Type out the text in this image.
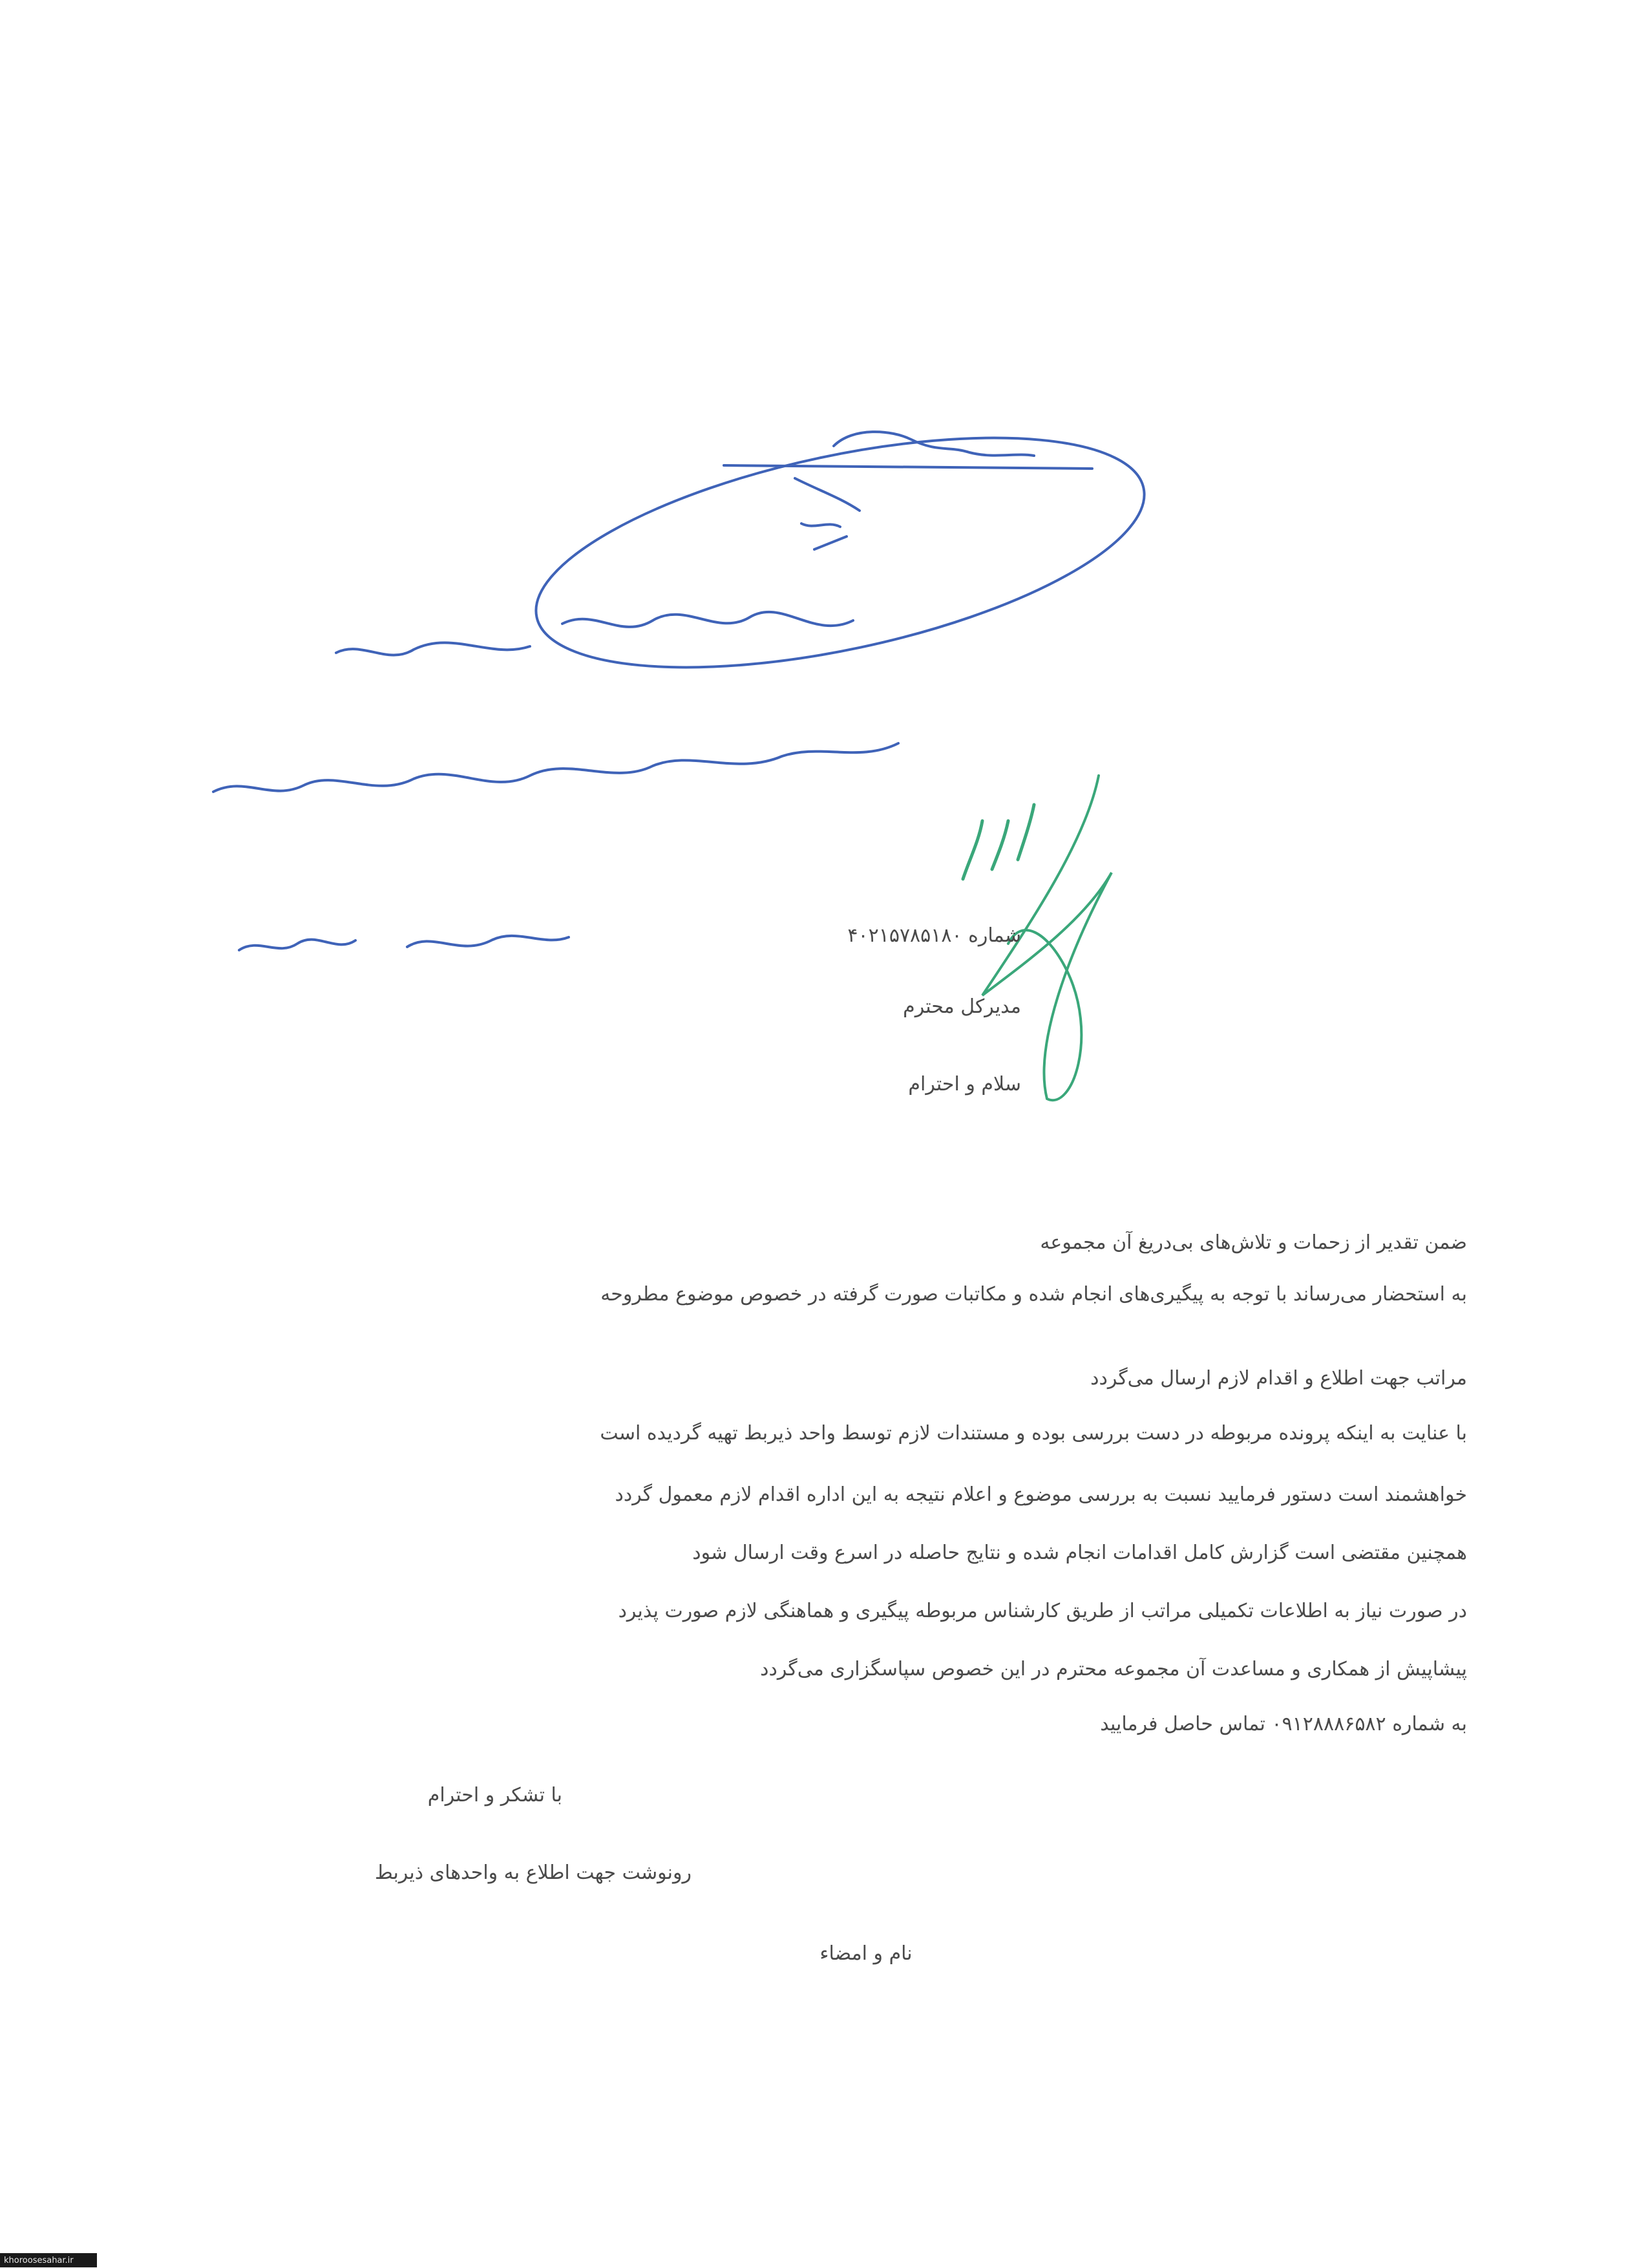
شماره ۴۰۲۱۵۷۸۵۱۸۰
مدیرکل محترم
سلام و احترام
ضمن تقدیر از زحمات و تلاش‌های بی‌دریغ آن مجموعه
به استحضار می‌رساند با توجه به پیگیری‌های انجام شده و مکاتبات صورت گرفته در خصوص موضوع مطروحه
مراتب جهت اطلاع و اقدام لازم ارسال می‌گردد
با عنایت به اینکه پرونده مربوطه در دست بررسی بوده و مستندات لازم توسط واحد ذیربط تهیه گردیده است
خواهشمند است دستور فرمایید نسبت به بررسی موضوع و اعلام نتیجه به این اداره اقدام لازم معمول گردد
همچنین مقتضی است گزارش کامل اقدامات انجام شده و نتایج حاصله در اسرع وقت ارسال شود
در صورت نیاز به اطلاعات تکمیلی مراتب از طریق کارشناس مربوطه پیگیری و هماهنگی لازم صورت پذیرد
پیشاپیش از همکاری و مساعدت آن مجموعه محترم در این خصوص سپاسگزاری می‌گردد
به شماره ۰۹۱۲۸۸۸۶۵۸۲ تماس حاصل فرمایید
با تشکر و احترام
رونوشت جهت اطلاع به واحدهای ذیربط
نام و امضاء
khoroosesahar.ir
